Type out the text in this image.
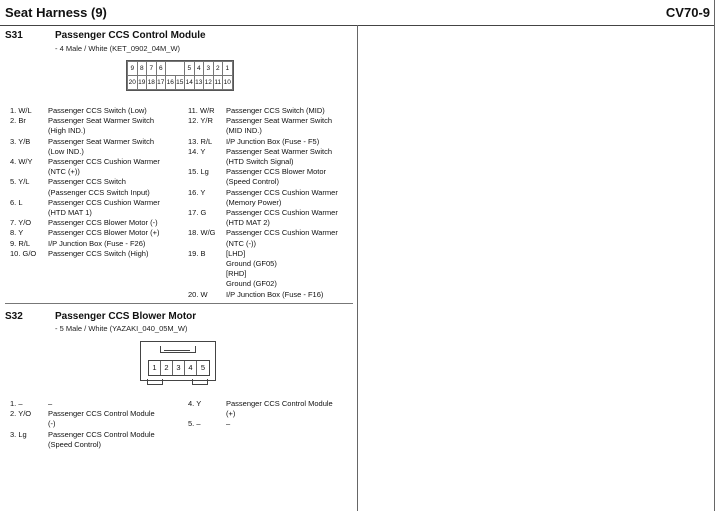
Seat Harness (9)	CV70-9
S31	Passenger CCS Control Module
- 4 Male / White (KET_0902_04M_W)
9	8	7	6			5	4	3	2	1
20	19	18	17	16	15	14	13	12	11	10
1. W/L	Passenger CCS Switch (Low)
2. Br	Passenger Seat Warmer Switch
(High IND.)
3. Y/B	Passenger Seat Warmer Switch
(Low IND.)
4. W/Y	Passenger CCS Cushion Warmer
(NTC (+))
5. Y/L	Passenger CCS Switch
(Passenger CCS Switch Input)
6. L	Passenger CCS Cushion Warmer
(HTD MAT 1)
7. Y/O	Passenger CCS Blower Motor (-)
8. Y	Passenger CCS Blower Motor (+)
9. R/L	I/P Junction Box (Fuse - F26)
10. G/O	Passenger CCS Switch (High)
11. W/R	Passenger CCS Switch (MID)
12. Y/R	Passenger Seat Warmer Switch
(MID IND.)
13. R/L	I/P Junction Box (Fuse - F5)
14. Y	Passenger Seat Warmer Switch
(HTD Switch Signal)
15. Lg	Passenger CCS Blower Motor
(Speed Control)
16. Y	Passenger CCS Cushion Warmer
(Memory Power)
17. G	Passenger CCS Cushion Warmer
(HTD MAT 2)
18. W/G	Passenger CCS Cushion Warmer
(NTC (-))
19. B	[LHD]
Ground (GF05)
[RHD]
Ground (GF02)
20. W	I/P Junction Box (Fuse - F16)
S32	Passenger CCS Blower Motor
- 5 Male / White (YAZAKI_040_05M_W)
1	2	3	4	5
1. –	–
2. Y/O	Passenger CCS Control Module
(-)
3. Lg	Passenger CCS Control Module
(Speed Control)
4. Y	Passenger CCS Control Module
(+)
5. –	–
